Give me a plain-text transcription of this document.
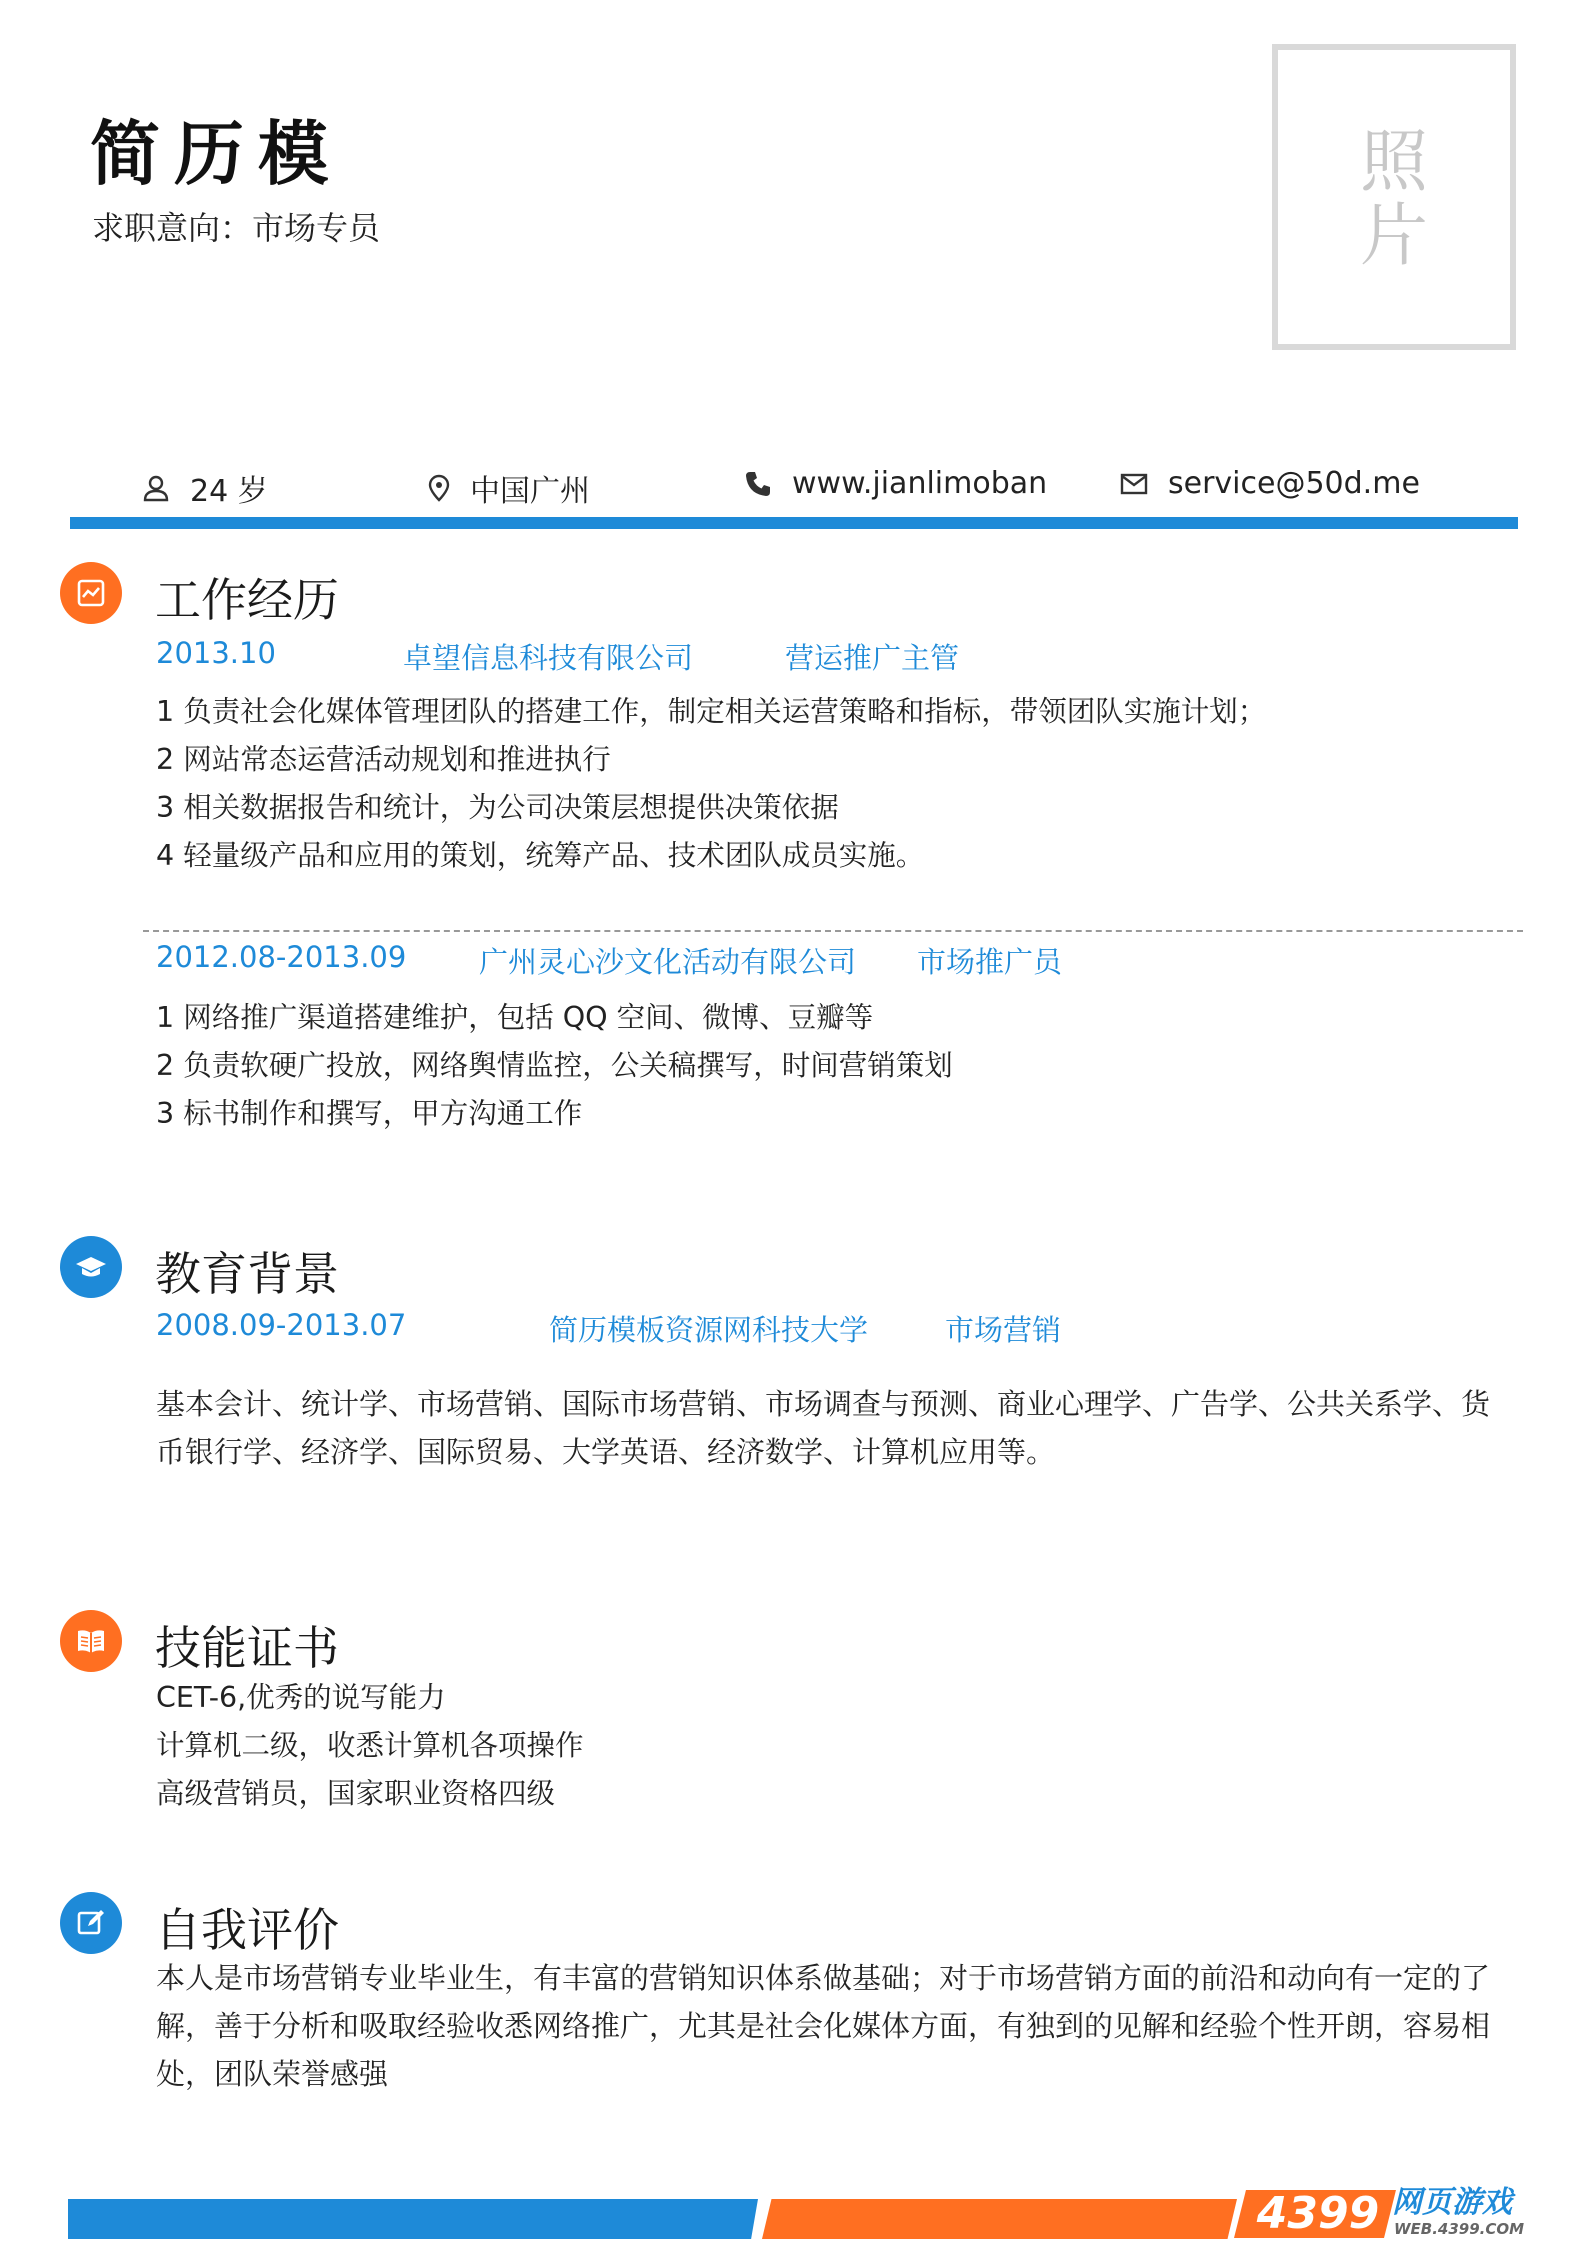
简历模
求职意向：市场专员
照片
24 岁	中国广州	www.jianlimoban	service@50d.me
工作经历
2013.10	卓望信息科技有限公司	营运推广主管
1 负责社会化媒体管理团队的搭建工作，制定相关运营策略和指标，带领团队实施计划；
2 网站常态运营活动规划和推进执行
3 相关数据报告和统计，为公司决策层想提供决策依据
4 轻量级产品和应用的策划，统筹产品、技术团队成员实施。
2012.08-2013.09	广州灵心沙文化活动有限公司 市场推广员
1 网络推广渠道搭建维护，包括 QQ 空间、微博、豆瓣等
2 负责软硬广投放，网络舆情监控，公关稿撰写，时间营销策划
3 标书制作和撰写，甲方沟通工作
教育背景
2008.09-2013.07	简历模板资源网科技大学	市场营销
基本会计、统计学、市场营销、国际市场营销、市场调查与预测、商业心理学、广告学、公共关系学、货币银行学、经济学、国际贸易、大学英语、经济数学、计算机应用等。
技能证书
CET-6,优秀的说写能力
计算机二级，收悉计算机各项操作
高级营销员，国家职业资格四级
自我评价
本人是市场营销专业毕业生，有丰富的营销知识体系做基础；对于市场营销方面的前沿和动向有一定的了解，善于分析和吸取经验收悉网络推广，尤其是社会化媒体方面，有独到的见解和经验个性开朗，容易相处，团队荣誉感强
4399 网页游戏
WEB.4399.COM
